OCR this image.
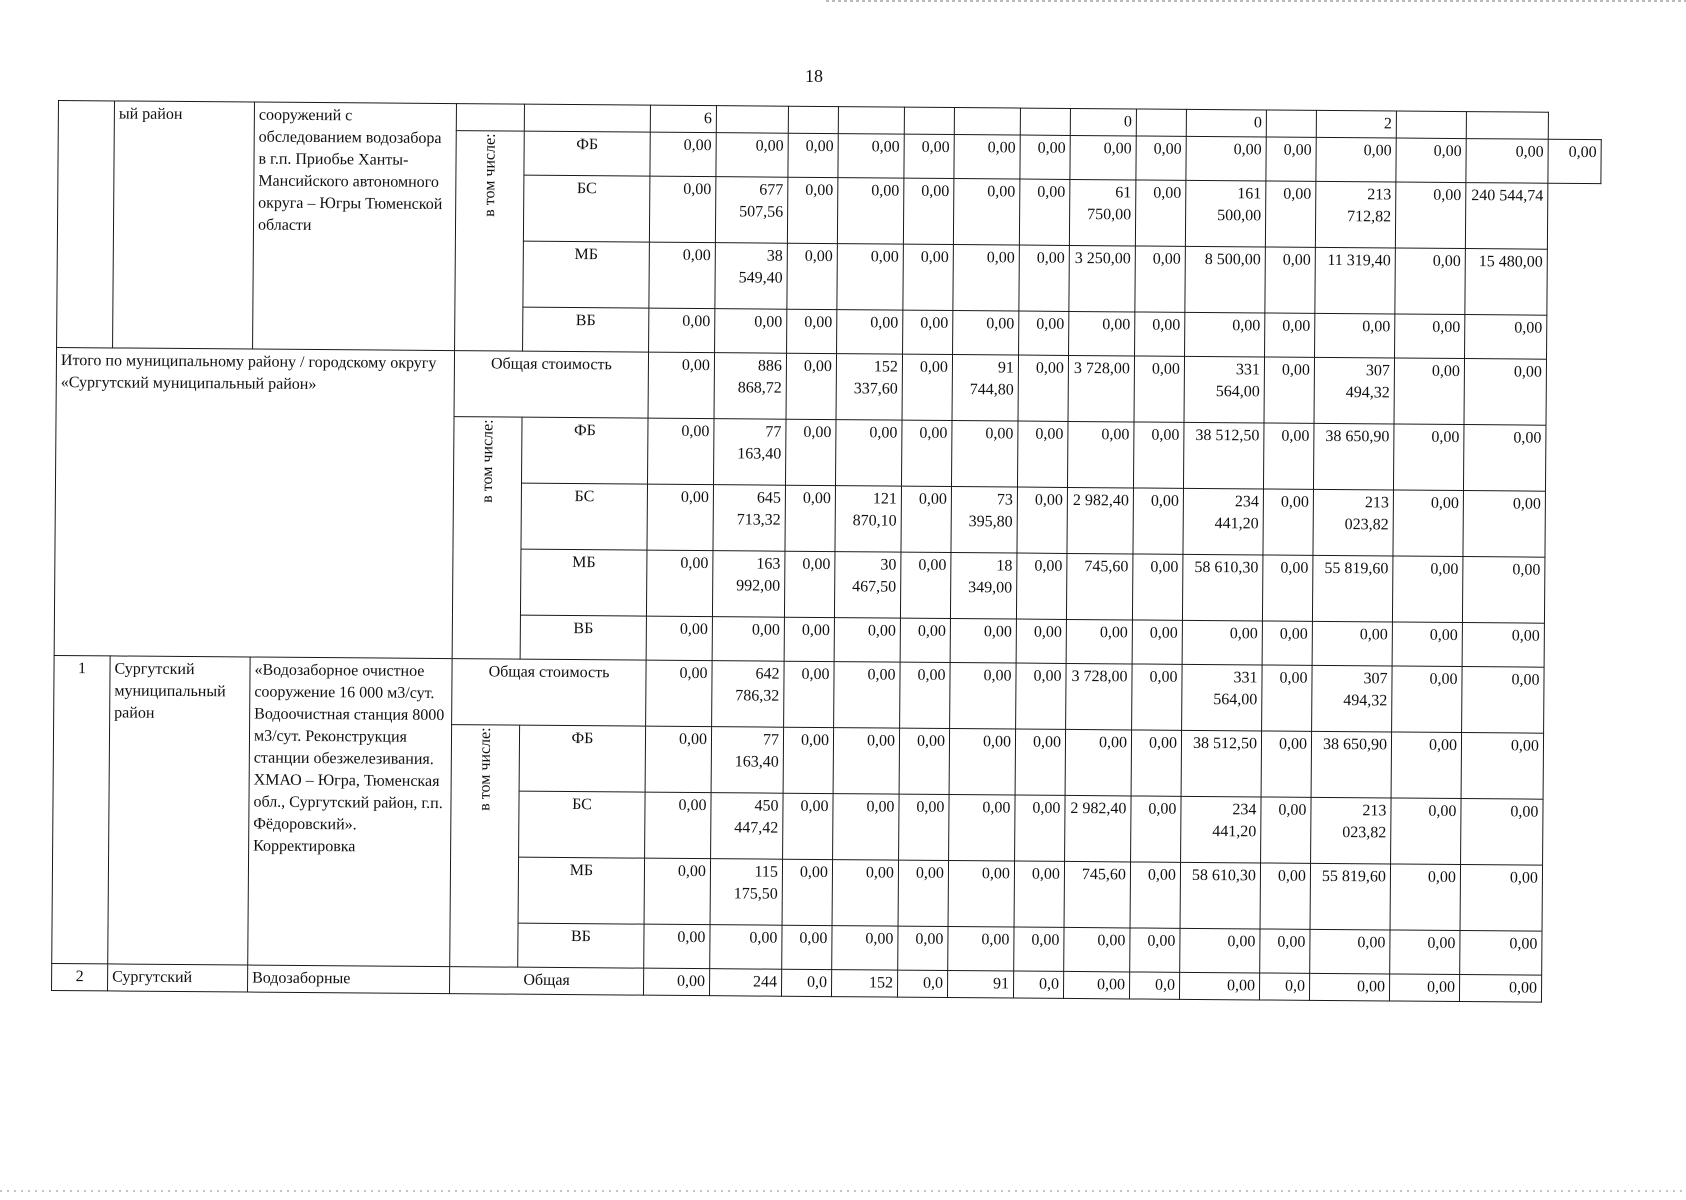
18
	ый район	сооружений с обследованием водозабора в г.п. Приобье Ханты-Мансийского автономного округа – Югры Тюменской области			6							0		0		2			
			в том числе:	ФБ	0,00	0,00	0,00	0,00	0,00	0,00	0,00	0,00	0,00	0,00	0,00	0,00	0,00	0,00	0,00
				БС	0,00	677 507,56	0,00	0,00	0,00	0,00	0,00	61 750,00	0,00	161 500,00	0,00	213 712,82	0,00	240 544,74	
				МБ	0,00	38 549,40	0,00	0,00	0,00	0,00	0,00	3 250,00	0,00	8 500,00	0,00	11 319,40	0,00	15 480,00	
				ВБ	0,00	0,00	0,00	0,00	0,00	0,00	0,00	0,00	0,00	0,00	0,00	0,00	0,00	0,00	
Итого по муниципальному району / городскому округу «Сургутский муниципальный район»			Общая стоимость		0,00	886 868,72	0,00	152 337,60	0,00	91 744,80	0,00	3 728,00	0,00	331 564,00	0,00	307 494,32	0,00	0,00	
			в том числе:	ФБ	0,00	77 163,40	0,00	0,00	0,00	0,00	0,00	0,00	0,00	38 512,50	0,00	38 650,90	0,00	0,00	
				БС	0,00	645 713,32	0,00	121 870,10	0,00	73 395,80	0,00	2 982,40	0,00	234 441,20	0,00	213 023,82	0,00	0,00	
				МБ	0,00	163 992,00	0,00	30 467,50	0,00	18 349,00	0,00	745,60	0,00	58 610,30	0,00	55 819,60	0,00	0,00	
				ВБ	0,00	0,00	0,00	0,00	0,00	0,00	0,00	0,00	0,00	0,00	0,00	0,00	0,00	0,00	
1	Сургутский муниципальный район	«Водозаборное очистное сооружение 16 000 м3/сут. Водоочистная станция 8000 м3/сут. Реконструкция станции обезжелезивания. ХМАО – Югра, Тюменская обл., Сургутский район, г.п. Фёдоровский». Корректировка	Общая стоимость		0,00	642 786,32	0,00	0,00	0,00	0,00	0,00	3 728,00	0,00	331 564,00	0,00	307 494,32	0,00	0,00	
			в том числе:	ФБ	0,00	77 163,40	0,00	0,00	0,00	0,00	0,00	0,00	0,00	38 512,50	0,00	38 650,90	0,00	0,00	
				БС	0,00	450 447,42	0,00	0,00	0,00	0,00	0,00	2 982,40	0,00	234 441,20	0,00	213 023,82	0,00	0,00	
				МБ	0,00	115 175,50	0,00	0,00	0,00	0,00	0,00	745,60	0,00	58 610,30	0,00	55 819,60	0,00	0,00	
				ВБ	0,00	0,00	0,00	0,00	0,00	0,00	0,00	0,00	0,00	0,00	0,00	0,00	0,00	0,00	
2	Сургутский	Водозаборные	Общая		0,00	244	0,0	152	0,0	91	0,0	0,00	0,0	0,00	0,0	0,00	0,00	0,00	
